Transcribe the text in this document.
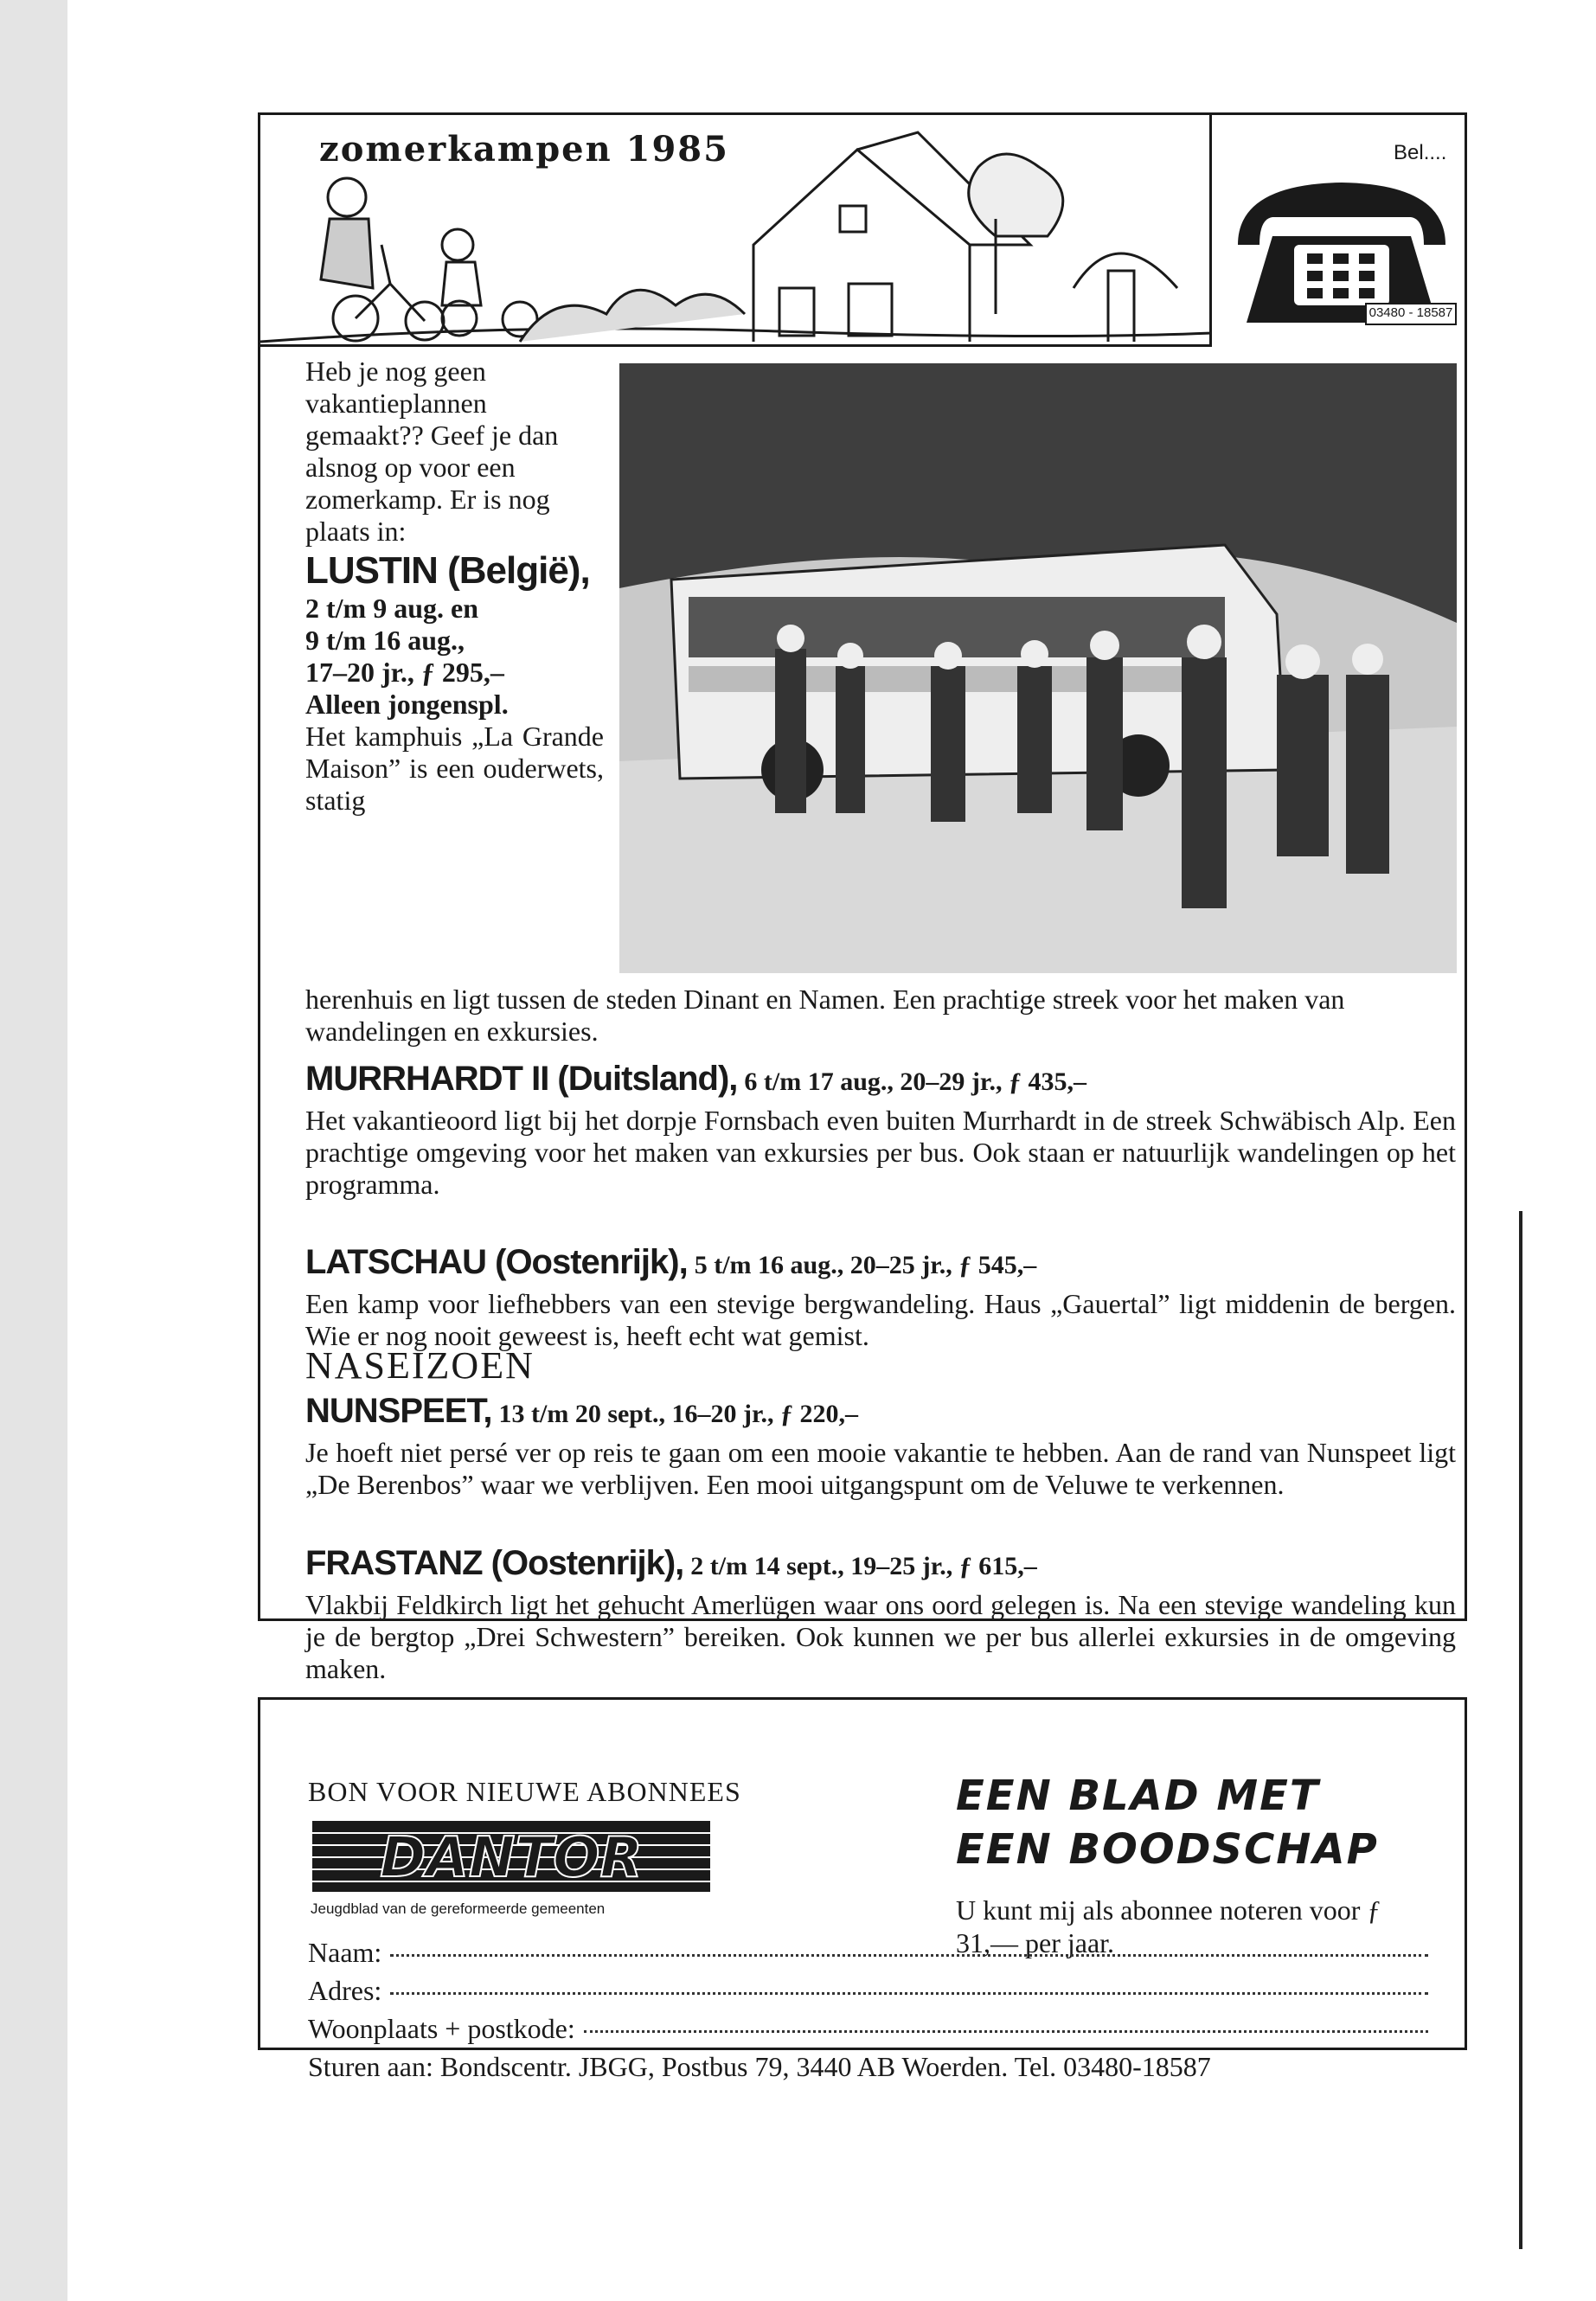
zomerkampen 1985	Bel....
03480 - 18587

Heb je nog geen vakantieplannen gemaakt?? Geef je dan alsnog op voor een zomerkamp. Er is nog plaats in:

LUSTIN (België),

2 t/m 9 aug. en

9 t/m 16 aug.,

17–20 jr., ƒ 295,–

Alleen jongenspl.

Het kamphuis „La Grande Maison” is een ouderwets, statig

herenhuis en ligt tussen de steden Dinant en Namen. Een prachtige streek voor het maken van wandelingen en exkursies.

MURRHARDT II (Duitsland), 6 t/m 17 aug., 20–29 jr., ƒ 435,–

Het vakantieoord ligt bij het dorpje Fornsbach even buiten Murrhardt in de streek Schwäbisch Alp. Een prachtige omgeving voor het maken van exkursies per bus. Ook staan er natuurlijk wandelingen op het programma.

LATSCHAU (Oostenrijk), 5 t/m 16 aug., 20–25 jr., ƒ 545,–

Een kamp voor liefhebbers van een stevige bergwandeling. Haus „Gauertal” ligt middenin de bergen. Wie er nog nooit geweest is, heeft echt wat gemist.

NASEIZOEN
NUNSPEET, 13 t/m 20 sept., 16–20 jr., ƒ 220,–

Je hoeft niet persé ver op reis te gaan om een mooie vakantie te hebben. Aan de rand van Nunspeet ligt „De Berenbos” waar we verblijven. Een mooi uitgangspunt om de Veluwe te verkennen.

FRASTANZ (Oostenrijk), 2 t/m 14 sept., 19–25 jr., ƒ 615,–

Vlakbij Feldkirch ligt het gehucht Amerlügen waar ons oord gelegen is. Na een stevige wandeling kun je de bergtop „Drei Schwestern” bereiken. Ook kunnen we per bus allerlei exkursies in de omgeving maken.

BON VOOR NIEUWE ABONNEES
DANTOR
Jeugdblad van de gereformeerde gemeenten
EEN BLAD MET
EEN BOODSCHAP
U kunt mij als abonnee noteren voor ƒ 31,— per jaar.
Naam:
Adres:
Woonplaats + postkode:
Sturen aan: Bondscentr. JBGG, Postbus 79, 3440 AB Woerden. Tel. 03480-18587
